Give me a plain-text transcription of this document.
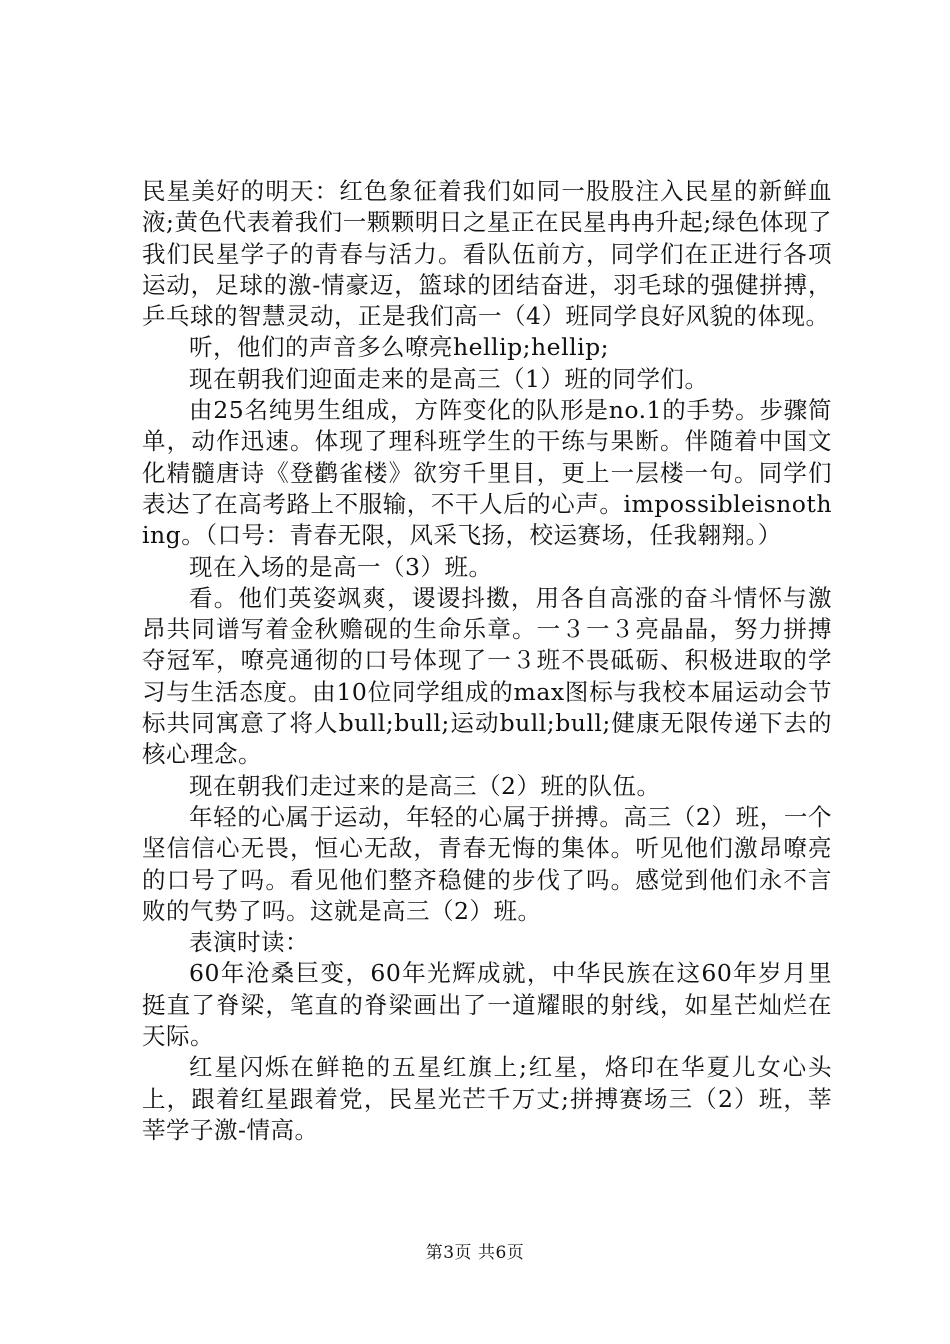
民星美好的明天：红色象征着我们如同一股股注入民星的新鲜血液;黄色代表着我们一颗颗明日之星正在民星冉冉升起;绿色体现了我们民星学子的青春与活力。看队伍前方，同学们在正进行各项运动，足球的激-情豪迈，篮球的团结奋进，羽毛球的强健拼搏，乒乓球的智慧灵动，正是我们高一（4）班同学良好风貌的体现。

听，他们的声音多么嘹亮hellip;hellip;

现在朝我们迎面走来的是高三（1）班的同学们。

由25名纯男生组成，方阵变化的队形是no.1的手势。步骤简单，动作迅速。体现了理科班学生的干练与果断。伴随着中国文化精髓唐诗《登鹳雀楼》欲穷千里目，更上一层楼一句。同学们表达了在高考路上不服输，不干人后的心声。impossibleisnothing。（口号：青春无限，风采飞扬，校运赛场，任我翱翔。）

现在入场的是高一（3）班。

看。他们英姿飒爽，谡谡抖擞，用各自高涨的奋斗情怀与激昂共同谱写着金秋赡砚的生命乐章。一３一３亮晶晶，努力拼搏夺冠军，嘹亮通彻的口号体现了一３班不畏砥砺、积极进取的学习与生活态度。由10位同学组成的max图标与我校本届运动会节标共同寓意了将人bull;bull;运动bull;bull;健康无限传递下去的核心理念。

现在朝我们走过来的是高三（2）班的队伍。

年轻的心属于运动，年轻的心属于拼搏。高三（2）班，一个坚信信心无畏，恒心无敌，青春无悔的集体。听见他们激昂嘹亮的口号了吗。看见他们整齐稳健的步伐了吗。感觉到他们永不言败的气势了吗。这就是高三（2）班。

表演时读：

60年沧桑巨变，60年光辉成就，中华民族在这60年岁月里挺直了脊梁，笔直的脊梁画出了一道耀眼的射线，如星芒灿烂在天际。

红星闪烁在鲜艳的五星红旗上;红星，烙印在华夏儿女心头上，跟着红星跟着党，民星光芒千万丈;拼搏赛场三（2）班，莘莘学子激-情高。

第3页 共6页
